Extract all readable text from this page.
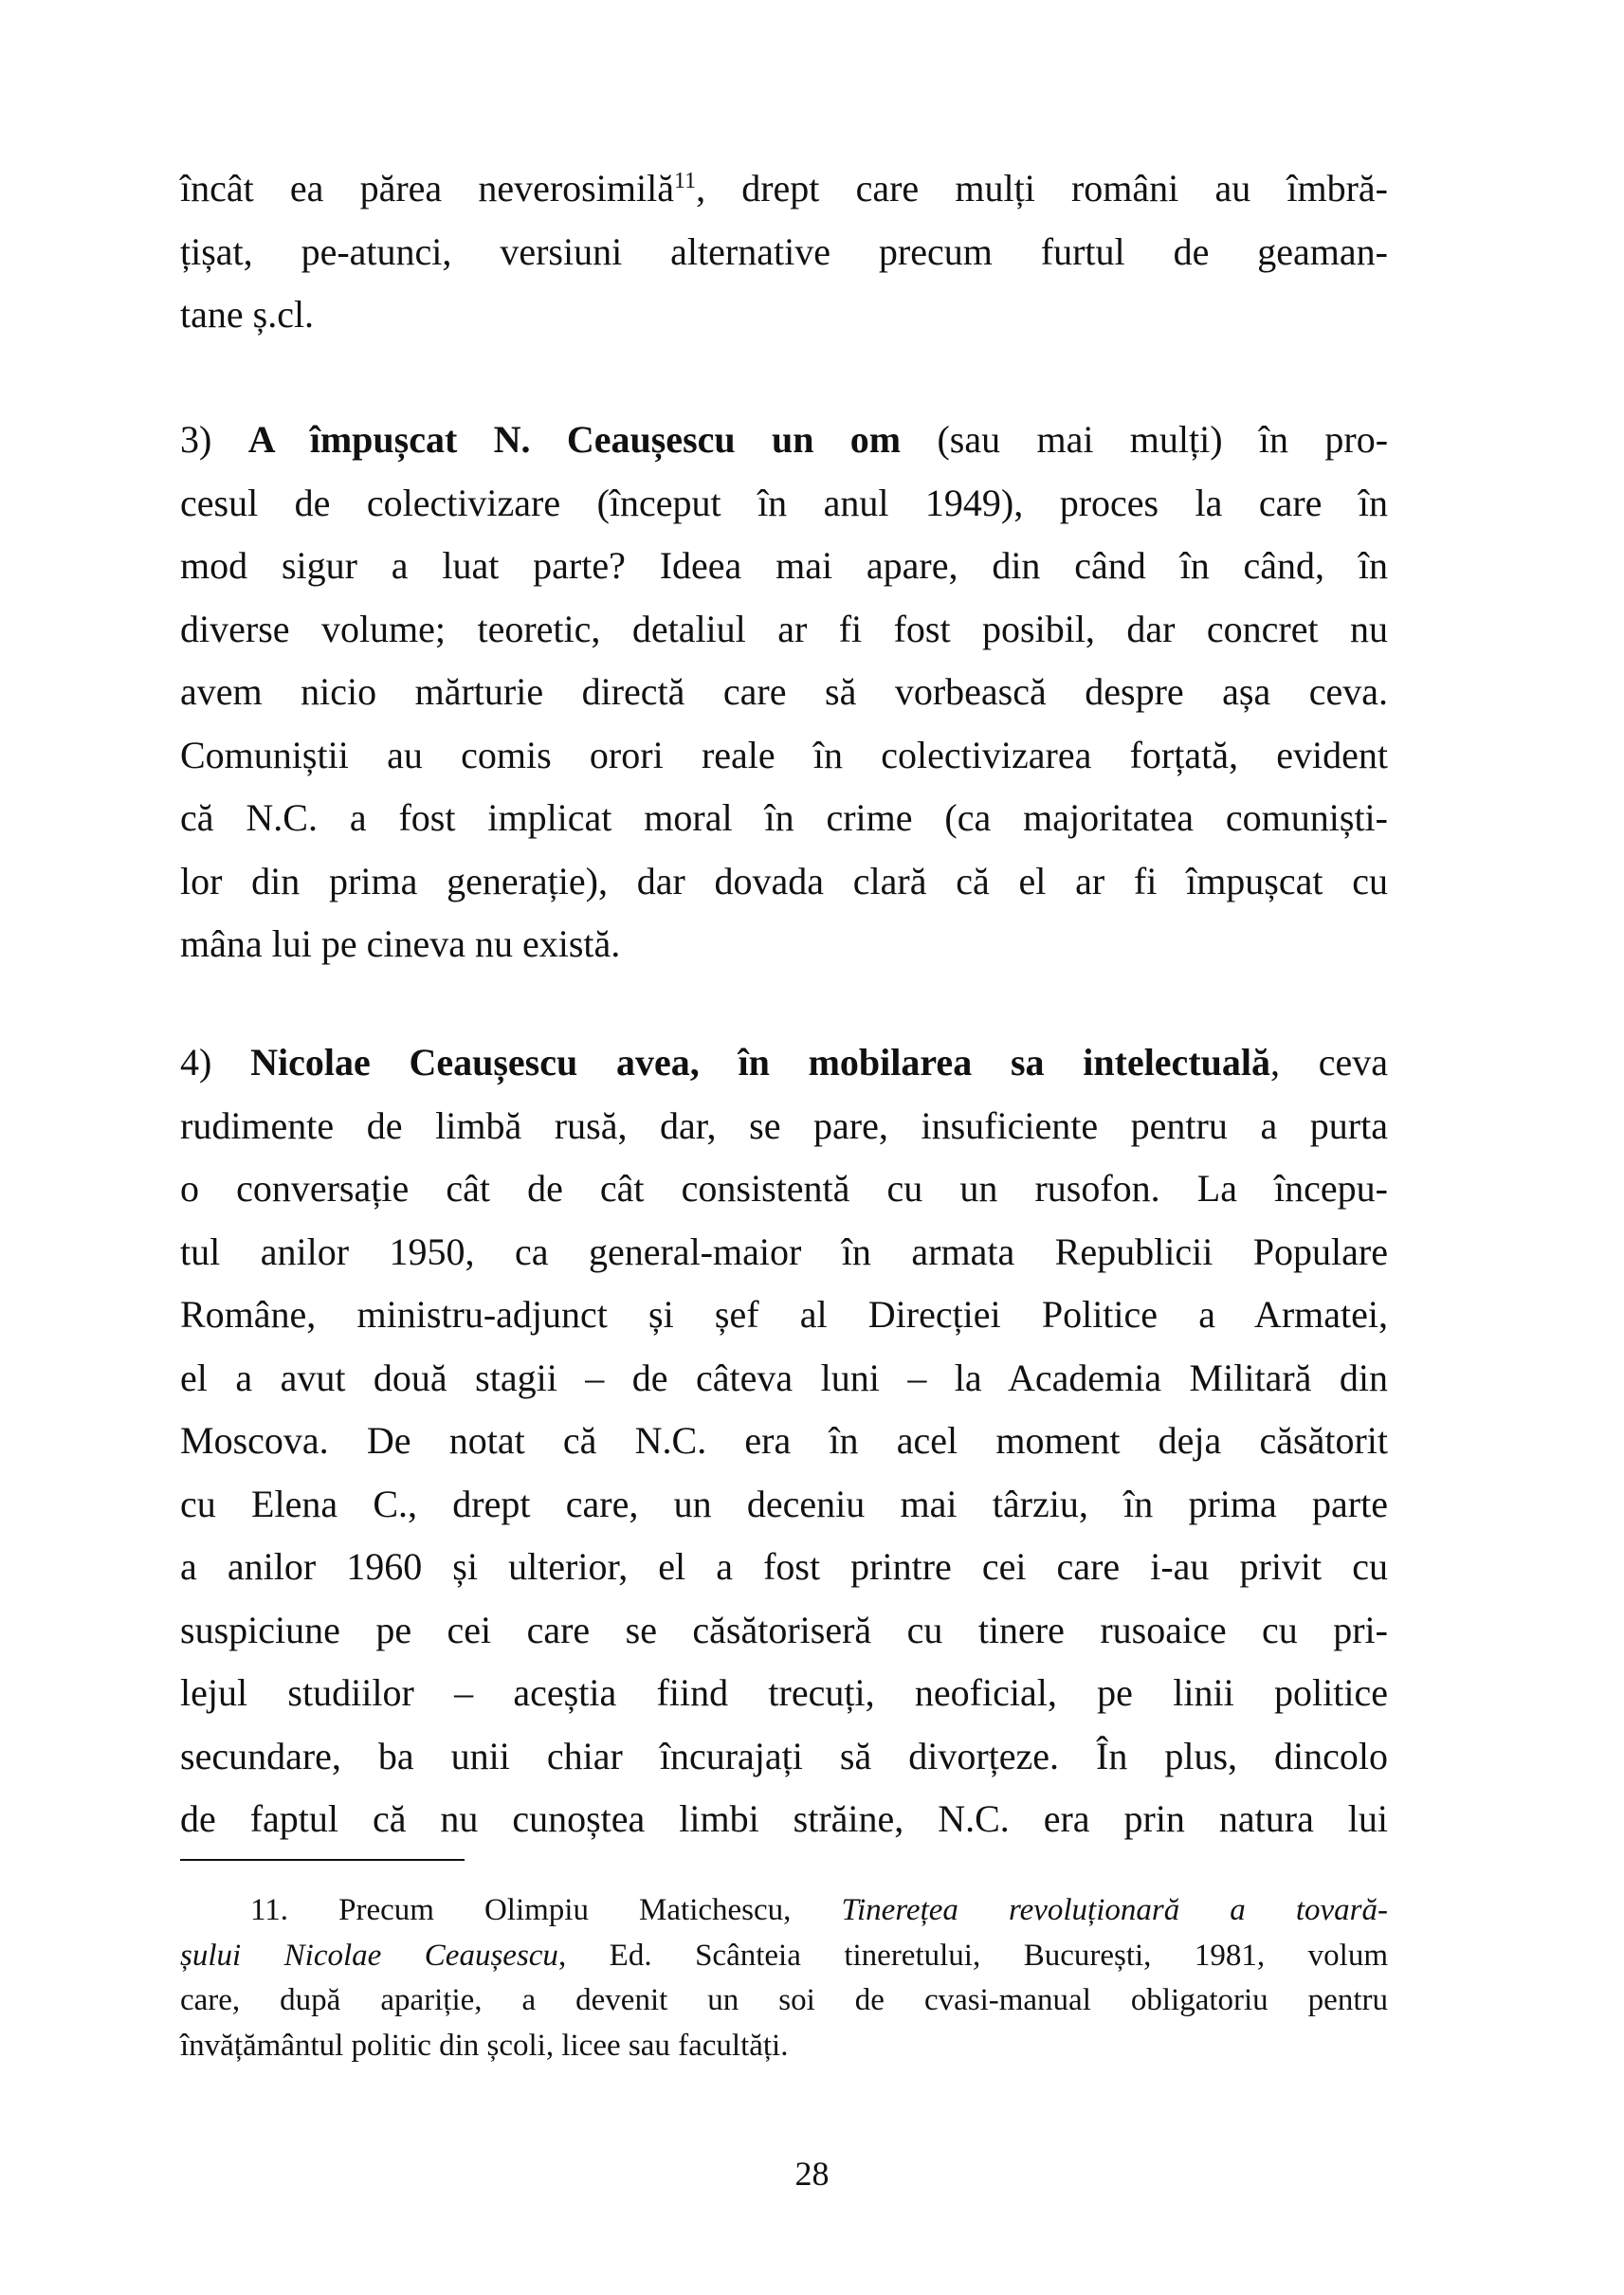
încât ea părea neverosimilă$^{11}$, drept care mulți români au îmbră-
țișat, pe-atunci, versiuni alternative precum furtul de geaman-
tane ș.cl.
3) A împușcat N. Ceaușescu un om (sau mai mulți) în pro-
cesul de colectivizare (început în anul 1949), proces la care în
mod sigur a luat parte? Ideea mai apare, din când în când, în
diverse volume; teoretic, detaliul ar fi fost posibil, dar concret nu
avem nicio mărturie directă care să vorbească despre așa ceva.
Comuniștii au comis orori reale în colectivizarea forțată, evident
că N.C. a fost implicat moral în crime (ca majoritatea comuniști-
lor din prima generație), dar dovada clară că el ar fi împușcat cu
mâna lui pe cineva nu există.
4) Nicolae Ceaușescu avea, în mobilarea sa intelectuală, ceva
rudimente de limbă rusă, dar, se pare, insuficiente pentru a purta
o conversație cât de cât consistentă cu un rusofon. La începu-
tul anilor 1950, ca general-maior în armata Republicii Populare
Române, ministru-adjunct și șef al Direcției Politice a Armatei,
el a avut două stagii – de câteva luni – la Academia Militară din
Moscova. De notat că N.C. era în acel moment deja căsătorit
cu Elena C., drept care, un deceniu mai târziu, în prima parte
a anilor 1960 și ulterior, el a fost printre cei care i-au privit cu
suspiciune pe cei care se căsătoriseră cu tinere rusoaice cu pri-
lejul studiilor – aceștia fiind trecuți, neoficial, pe linii politice
secundare, ba unii chiar încurajați să divorțeze. În plus, dincolo
de faptul că nu cunoștea limbi străine, N.C. era prin natura lui
11. Precum Olimpiu Matichescu, Tinerețea revoluționară a tovară-
șului Nicolae Ceaușescu, Ed. Scânteia tineretului, București, 1981, volum
care, după apariție, a devenit un soi de cvasi-manual obligatoriu pentru
învățământul politic din școli, licee sau facultăți.
28
